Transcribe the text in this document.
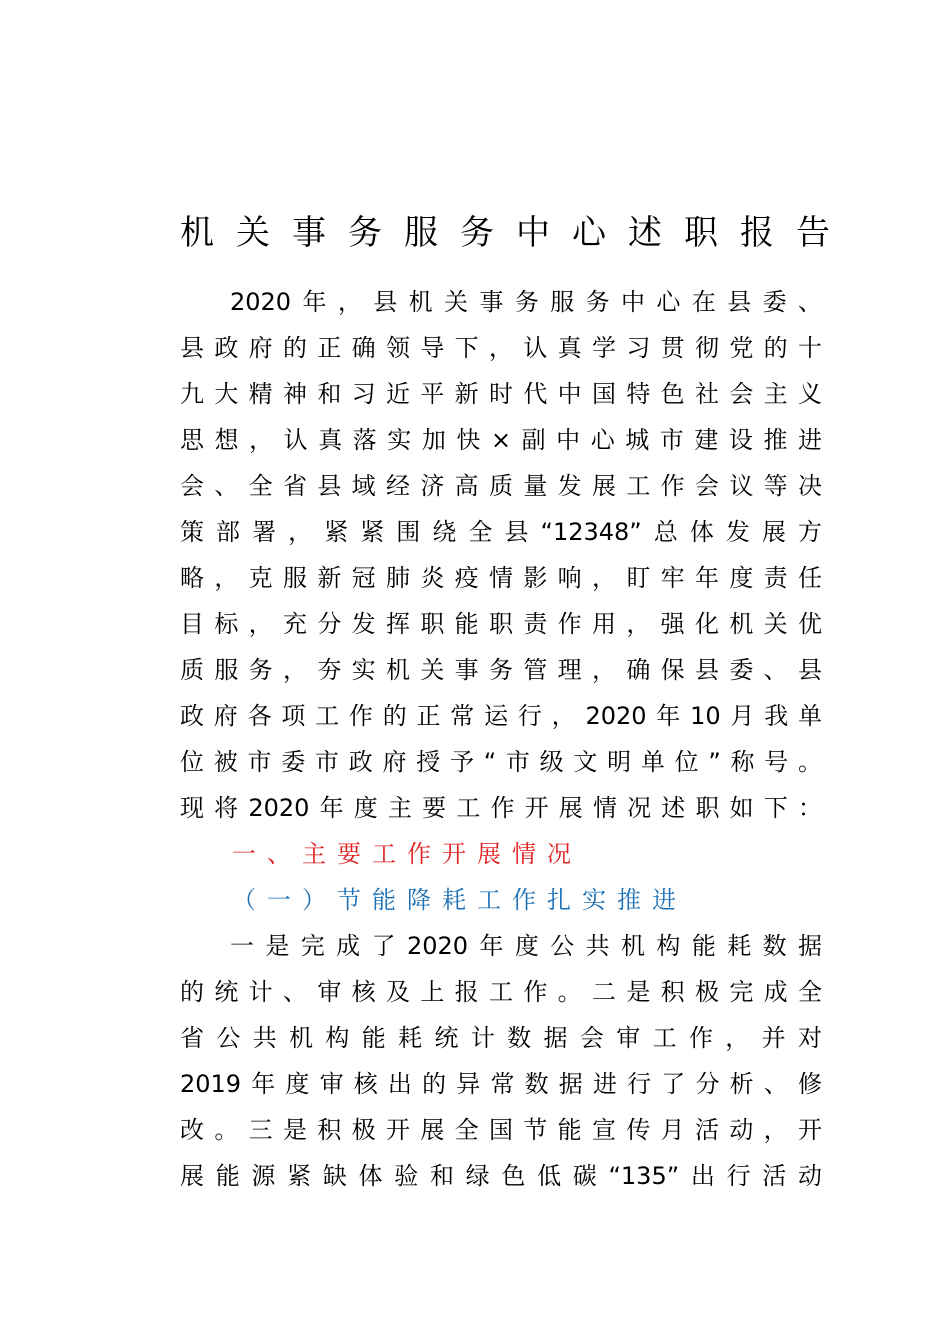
机关事务服务中心述职报告
2020年，县机关事务服务中心在县委、
县政府的正确领导下，认真学习贯彻党的十
九大精神和习近平新时代中国特色社会主义
思想，认真落实加快×副中心城市建设推进
会、全省县域经济高质量发展工作会议等决
策部署，紧紧围绕全县“12348”总体发展方
略，克服新冠肺炎疫情影响，盯牢年度责任
目标，充分发挥职能职责作用，强化机关优
质服务，夯实机关事务管理，确保县委、县
政府各项工作的正常运行，2020年10月我单
位被市委市政府授予“市级文明单位”称号。
现将2020年度主要工作开展情况述职如下：
一、主要工作开展情况
（一）节能降耗工作扎实推进
一是完成了2020年度公共机构能耗数据
的统计、审核及上报工作。二是积极完成全
省公共机构能耗统计数据会审工作，并对
2019年度审核出的异常数据进行了分析、修
改。三是积极开展全国节能宣传月活动，开
展能源紧缺体验和绿色低碳“135”出行活动
